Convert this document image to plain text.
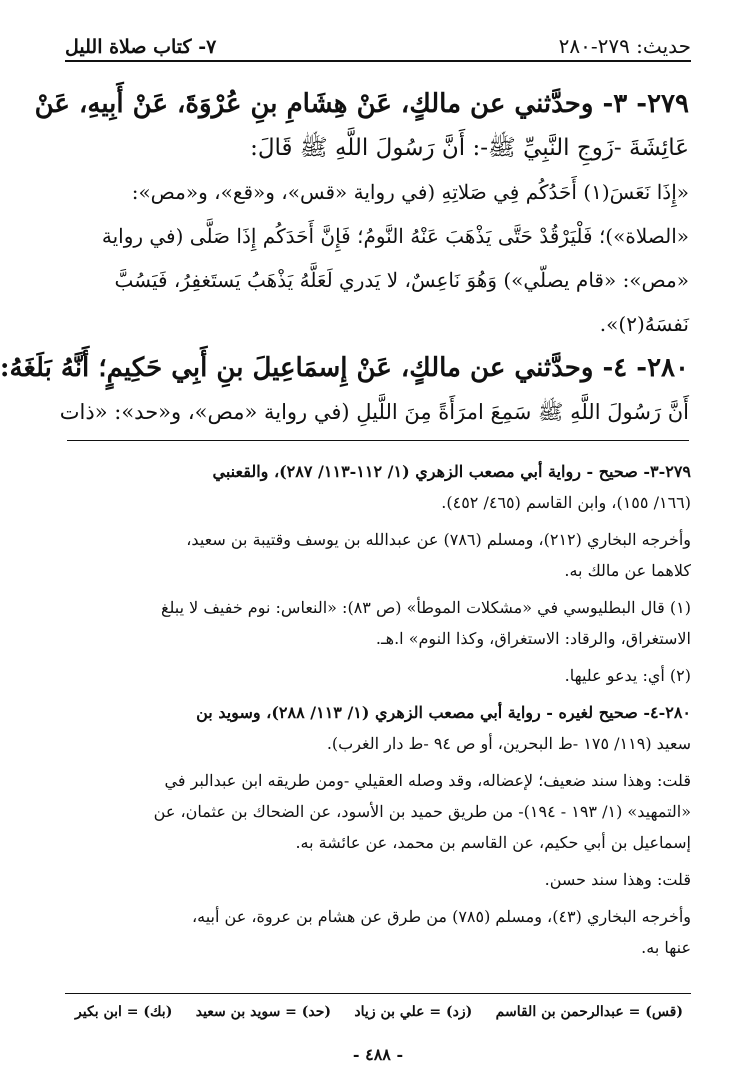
حديث: ٢٧٩-٢٨٠
٧- كتاب صلاة الليل
٢٧٩- ٣- وحدَّثني عن مالكٍ، عَنْ هِشَامِ بنِ عُرْوَةَ، عَنْ أَبِيهِ، عَنْ
عَائِشَةَ -زَوجِ النَّبِيِّ ﷺ-: أَنَّ رَسُولَ اللَّهِ ﷺ قَالَ:
«إِذَا نَعَسَ(١) أَحَدُكُم فِي صَلاتِهِ (في رواية «قس»، و«قع»، و«مص»:
«الصلاة»)؛ فَلْيَرْقُدْ حَتَّى يَذْهَبَ عَنْهُ النَّومُ؛ فَإِنَّ أَحَدَكُم إِذَا صَلَّى (في رواية
«مص»: «قام يصلّي») وَهُوَ نَاعِسٌ، لا يَدري لَعَلَّهُ يَذْهَبُ يَستَغفِرُ، فَيَسُبَّ
نَفسَهُ(٢)».
٢٨٠- ٤- وحدَّثني عن مالكٍ، عَنْ إِسمَاعِيلَ بنِ أَبِي حَكِيمٍ؛ أَنَّهُ بَلَغَهُ:
أَنَّ رَسُولَ اللَّهِ ﷺ سَمِعَ امرَأَةً مِنَ اللَّيلِ (في رواية «مص»، و«حد»: «ذات

٢٧٩-٣- صحيح - رواية أبي مصعب الزهري (١/ ١١٢-١١٣/ ٢٨٧)، والقعنبي
(١٦٦/ ١٥٥)، وابن القاسم (٤٦٥/ ٤٥٢).

وأخرجه البخاري (٢١٢)، ومسلم (٧٨٦) عن عبدالله بن يوسف وقتيبة بن سعيد،
كلاهما عن مالك به.

(١) قال البطليوسي في «مشكلات الموطأ» (ص ٨٣): «النعاس: نوم خفيف لا يبلغ
الاستغراق، والرقاد: الاستغراق، وكذا النوم» ا.هـ.

(٢) أي: يدعو عليها.

٢٨٠-٤- صحيح لغيره - رواية أبي مصعب الزهري (١/ ١١٣/ ٢٨٨)، وسويد بن
سعيد (١١٩/ ١٧٥ -ط البحرين، أو ص ٩٤ -ط دار الغرب).

قلت: وهذا سند ضعيف؛ لإعضاله، وقد وصله العقيلي -ومن طريقه ابن عبدالبر في
«التمهيد» (١/ ١٩٣ - ١٩٤)- من طريق حميد بن الأسود، عن الضحاك بن عثمان، عن
إسماعيل بن أبي حكيم، عن القاسم بن محمد، عن عائشة به.

قلت: وهذا سند حسن.

وأخرجه البخاري (٤٣)، ومسلم (٧٨٥) من طرق عن هشام بن عروة، عن أبيه،
عنها به.

(قس) = عبدالرحمن بن القاسم
(زد) = علي بن زياد
(حد) = سويد بن سعيد
(بك) = ابن بكير
- ٤٨٨ -
